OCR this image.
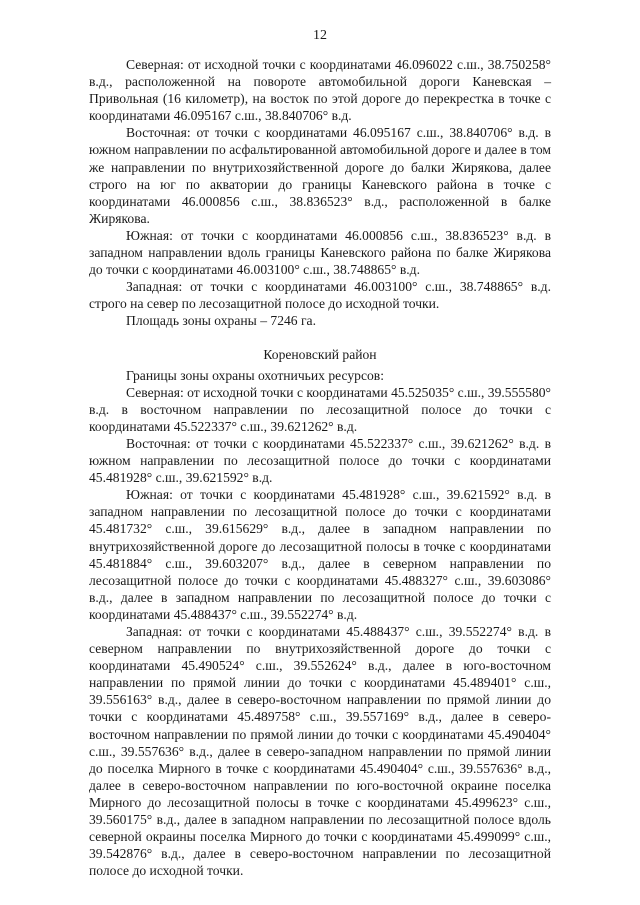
12

Северная: от исходной точки с координатами 46.096022 с.ш., 38.750258° в.д., расположенной на повороте автомобильной дороги Каневская – Привольная (16 километр), на восток по этой дороге до перекрестка в точке с координатами 46.095167 с.ш., 38.840706° в.д.

Восточная: от точки с координатами 46.095167 с.ш., 38.840706° в.д. в южном направлении по асфальтированной автомобильной дороге и далее в том же направлении по внутрихозяйственной дороге до балки Жирякова, далее строго на юг по акватории до границы Каневского района в точке с координатами 46.000856 с.ш., 38.836523° в.д., расположенной в балке Жирякова.

Южная: от точки с координатами 46.000856 с.ш., 38.836523° в.д. в западном направлении вдоль границы Каневского района по балке Жирякова до точки с координатами 46.003100° с.ш., 38.748865° в.д.

Западная: от точки с координатами 46.003100° с.ш., 38.748865° в.д. строго на север по лесозащитной полосе до исходной точки.

Площадь зоны охраны – 7246 га.

Кореновский район

Границы зоны охраны охотничьих ресурсов:

Северная: от исходной точки с координатами 45.525035° с.ш., 39.555580° в.д. в восточном направлении по лесозащитной полосе до точки с координатами 45.522337° с.ш., 39.621262° в.д.

Восточная: от точки с координатами 45.522337° с.ш., 39.621262° в.д. в южном направлении по лесозащитной полосе до точки с координатами 45.481928° с.ш., 39.621592° в.д.

Южная: от точки с координатами 45.481928° с.ш., 39.621592° в.д. в западном направлении по лесозащитной полосе до точки с координатами 45.481732° с.ш., 39.615629° в.д., далее в западном направлении по внутрихозяйственной дороге до лесозащитной полосы в точке с координатами 45.481884° с.ш., 39.603207° в.д., далее в северном направлении по лесозащитной полосе до точки с координатами 45.488327° с.ш., 39.603086° в.д., далее в западном направлении по лесозащитной полосе до точки с координатами 45.488437° с.ш., 39.552274° в.д.

Западная: от точки с координатами 45.488437° с.ш., 39.552274° в.д. в северном направлении по внутрихозяйственной дороге до точки с координатами 45.490524° с.ш., 39.552624° в.д., далее в юго-восточном направлении по прямой линии до точки с координатами 45.489401° с.ш., 39.556163° в.д., далее в северо-восточном направлении по прямой линии до точки с координатами 45.489758° с.ш., 39.557169° в.д., далее в северо-восточном направлении по прямой линии до точки с координатами 45.490404° с.ш., 39.557636° в.д., далее в северо-западном направлении по прямой линии до поселка Мирного в точке с координатами 45.490404° с.ш., 39.557636° в.д., далее в северо-восточном направлении по юго-восточной окраине поселка Мирного до лесозащитной полосы в точке с координатами 45.499623° с.ш., 39.560175° в.д., далее в западном направлении по лесозащитной полосе вдоль северной окраины поселка Мирного до точки с координатами 45.499099° с.ш., 39.542876° в.д., далее в северо-восточном направлении по лесозащитной полосе до исходной точки.
